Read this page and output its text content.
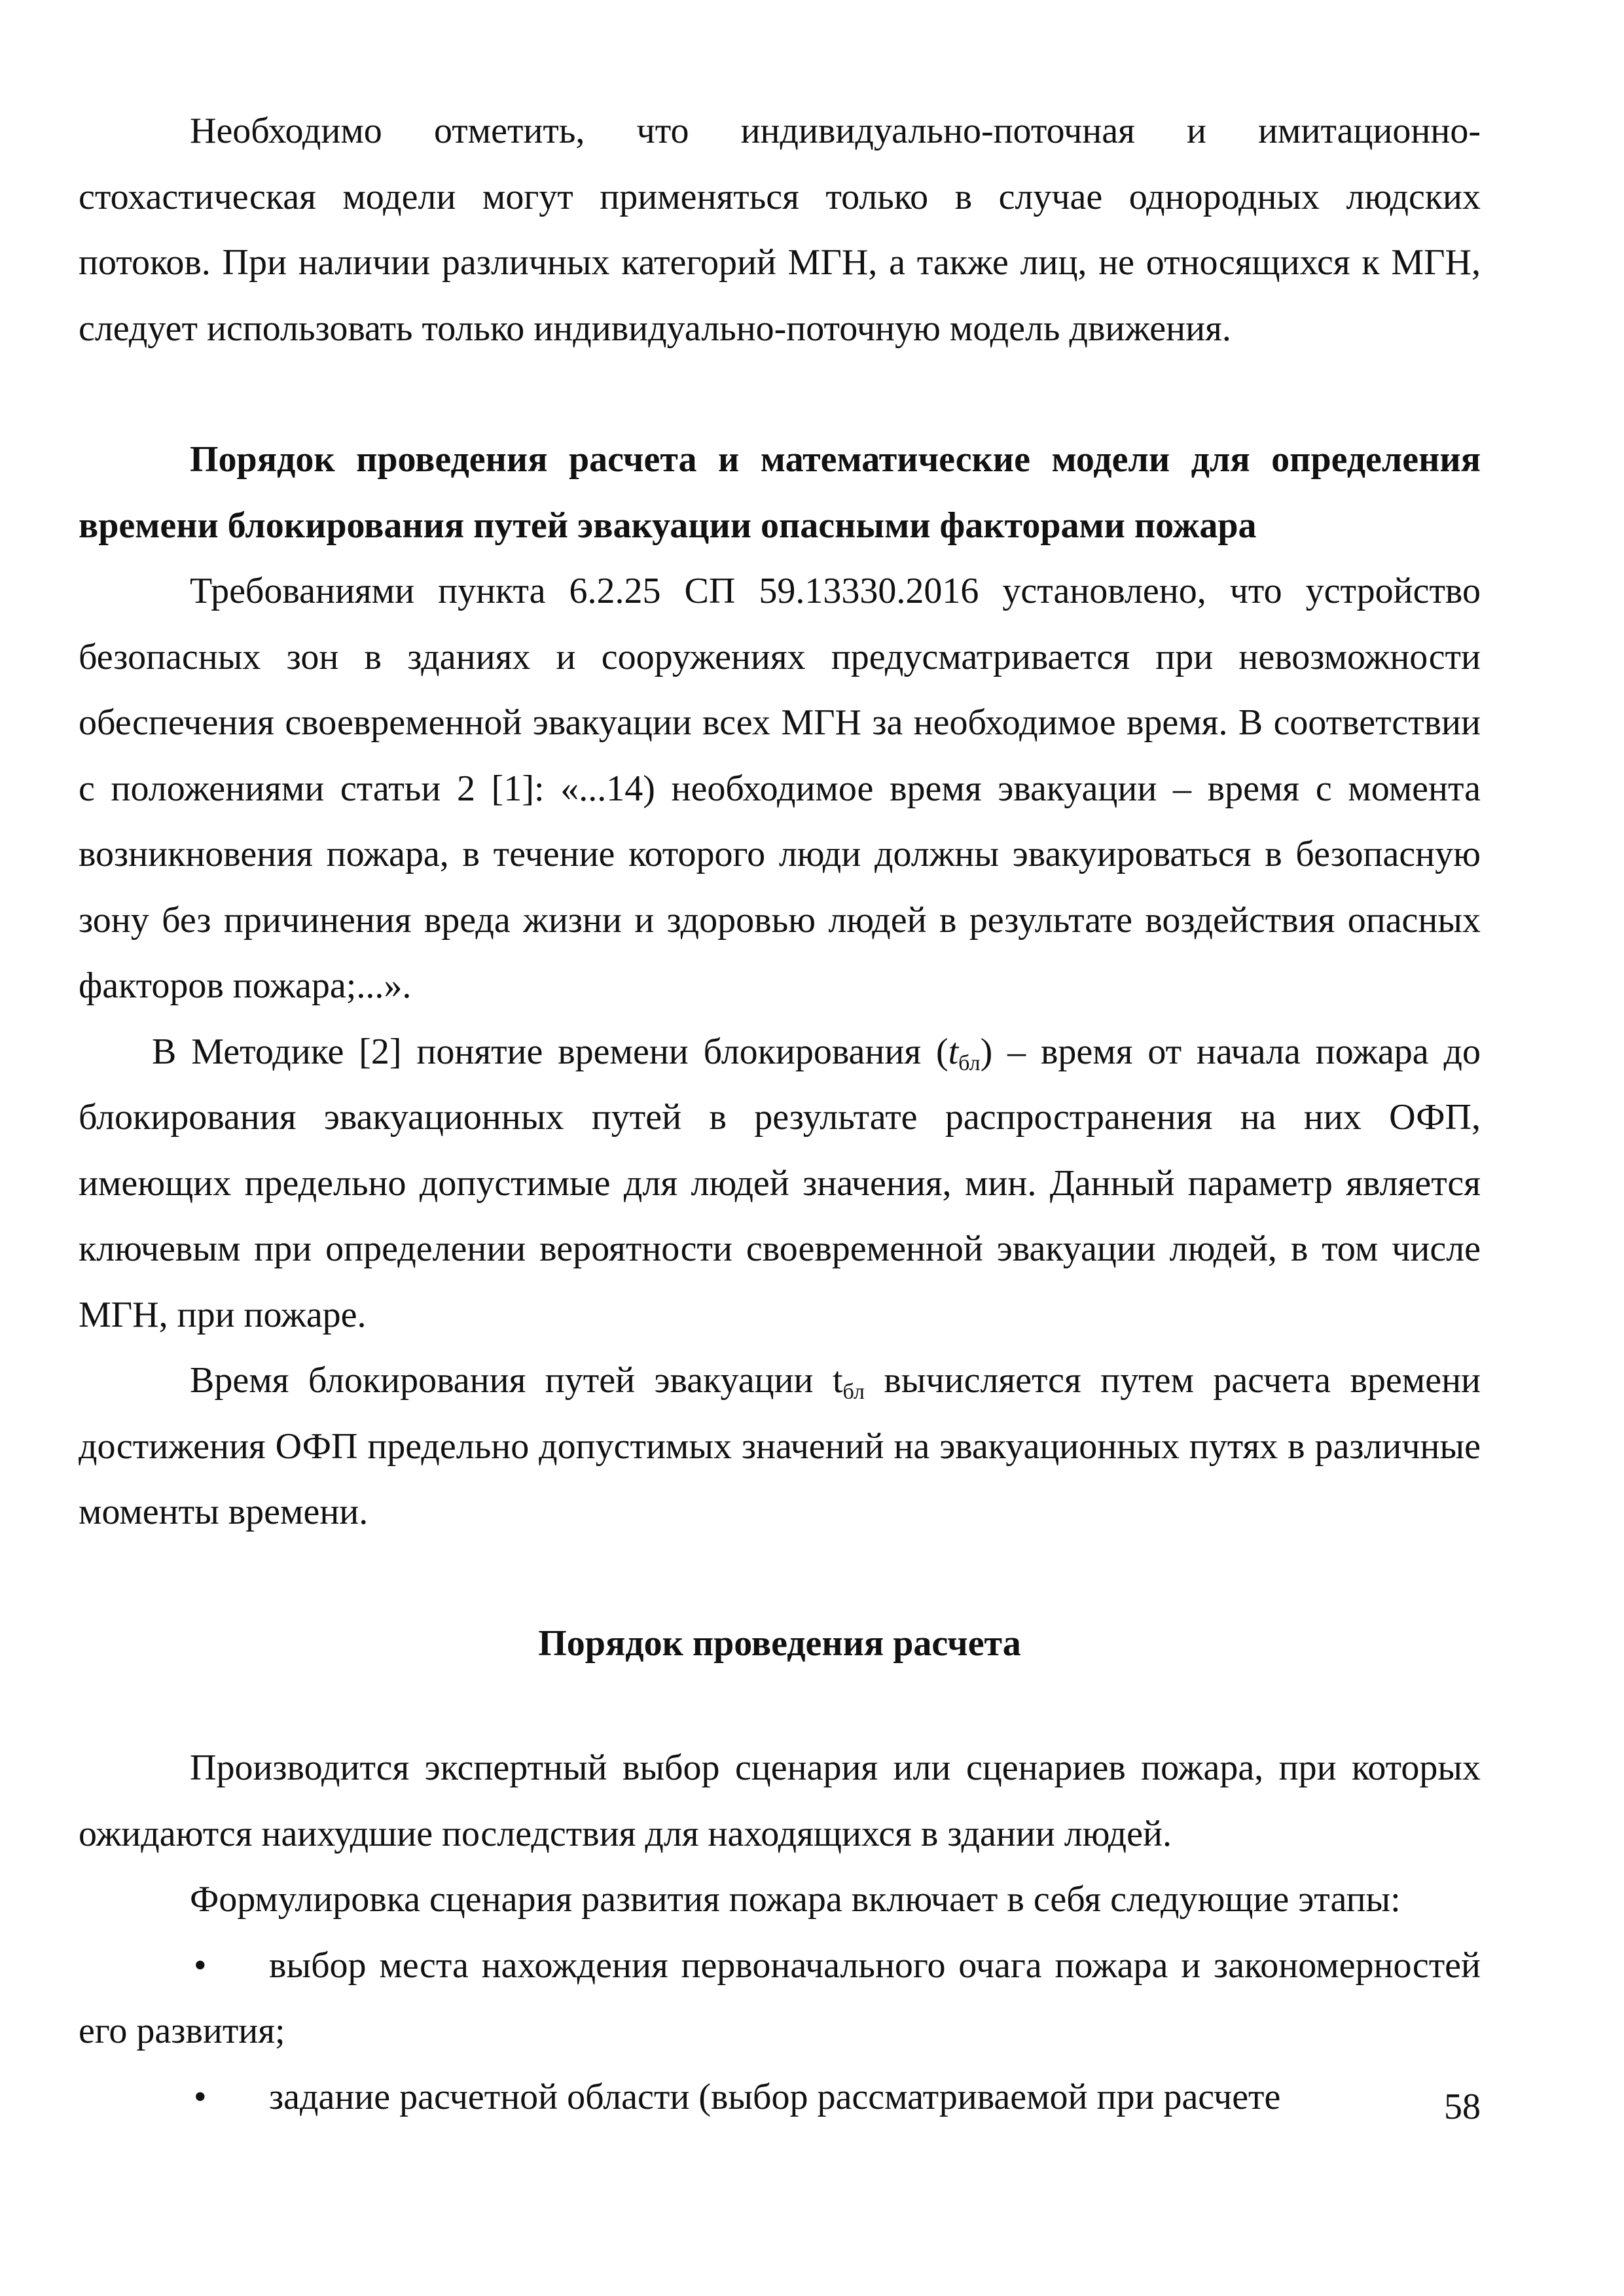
Необходимо отметить, что индивидуально-поточная и имитационно-стохастическая модели могут применяться только в случае однородных людских потоков. При наличии различных категорий МГН, а также лиц, не относящихся к МГН, следует использовать только индивидуально-поточную модель движения.

Порядок проведения расчета и математические модели для определения времени блокирования путей эвакуации опасными факторами пожара

Требованиями пункта 6.2.25 СП 59.13330.2016 установлено, что устройство безопасных зон в зданиях и сооружениях предусматривается при невозможности обеспечения своевременной эвакуации всех МГН за необходимое время. В соответствии с положениями статьи 2 [1]: «...14) необходимое время эвакуации – время с момента возникновения пожара, в течение которого люди должны эвакуироваться в безопасную зону без причинения вреда жизни и здоровью людей в результате воздействия опасных факторов пожара;...».

В Методике [2] понятие времени блокирования $(t_{бл})$ – время от начала пожара до блокирования эвакуационных путей в результате распространения на них ОФП, имеющих предельно допустимые для людей значения, мин. Данный параметр является ключевым при определении вероятности своевременной эвакуации людей, в том числе МГН, при пожаре.

Время блокирования путей эвакуации $t_{бл}$ вычисляется путем расчета времени достижения ОФП предельно допустимых значений на эвакуационных путях в различные моменты времени.

Порядок проведения расчета

Производится экспертный выбор сценария или сценариев пожара, при которых ожидаются наихудшие последствия для находящихся в здании людей.

Формулировка сценария развития пожара включает в себя следующие этапы:

• выбор места нахождения первоначального очага пожара и закономерностей его развития;

• задание расчетной области (выбор рассматриваемой при расчете	58
